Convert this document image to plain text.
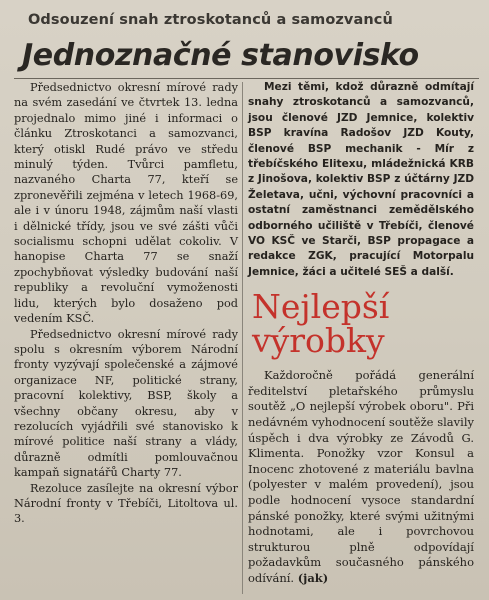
Odsouzení snah ztroskotanců a samozvanců
Jednoznačné stanovisko

Předsednictvo okresní mírové rady na svém zasedání ve čtvrtek 13. ledna projednalo mimo jiné i informaci o článku Ztroskotanci a samozvanci, který otiskl Rudé právo ve středu minulý týden. Tvůrci pamfletu, nazvaného Charta 77, kteří se zpronevěřili zejména v letech 1968-69, ale i v únoru 1948, zájmům naší vlasti i dělnické třídy, jsou ve své zášti vůči socialismu schopni udělat cokoliv. V hanopise Charta 77 se snaží zpochybňovat výsledky budování naší republiky a revoluční vymoženosti lidu, kterých bylo dosaženo pod vedením KSČ.

Předsednictvo okresní mírové rady spolu s okresním výborem Národní fronty vyzývají společenské a zájmové organizace NF, politické strany, pracovní kolektivy, BSP, školy a všechny občany okresu, aby v rezolucích vyjádřili své stanovisko k mírové politice naší strany a vlády, důrazně odmítli pomlouvačnou kampaň signatářů Charty 77.

Rezoluce zasílejte na okresní výbor Národní fronty v Třebíči, Litoltova ul. 3.

Mezi těmi, kdož důrazně odmítají snahy ztroskotanců a samozvanců, jsou členové JZD Jemnice, kolektiv BSP kravína Radošov JZD Kouty, členové BSP mechanik - Mír z třebíčského Elitexu, mládežnická KRB z Jinošova, kolektiv BSP z účtárny JZD Želetava, učni, výchovní pracovníci a ostatní zaměstnanci zemědělského odborného učiliště v Třebíči, členové VO KSČ ve Starči, BSP propagace a redakce ZGK, pracující Motorpalu Jemnice, žáci a učitelé SEŠ a další.

Nejlepší výrobky

Každoročně pořádá generální ředitelství pletařského průmyslu soutěž „O nejlepší výrobek oboru". Při nedávném vyhodnocení soutěže slavily úspěch i dva výrobky ze Závodů G. Klimenta. Ponožky vzor Konsul a Inocenc zhotovené z materiálu bavlna (polyester v malém provedení), jsou podle hodnocení vysoce standardní pánské ponožky, které svými užitnými hodnotami, ale i povrchovou strukturou plně odpovídají požadavkům současného pánského odívání. (jak)
